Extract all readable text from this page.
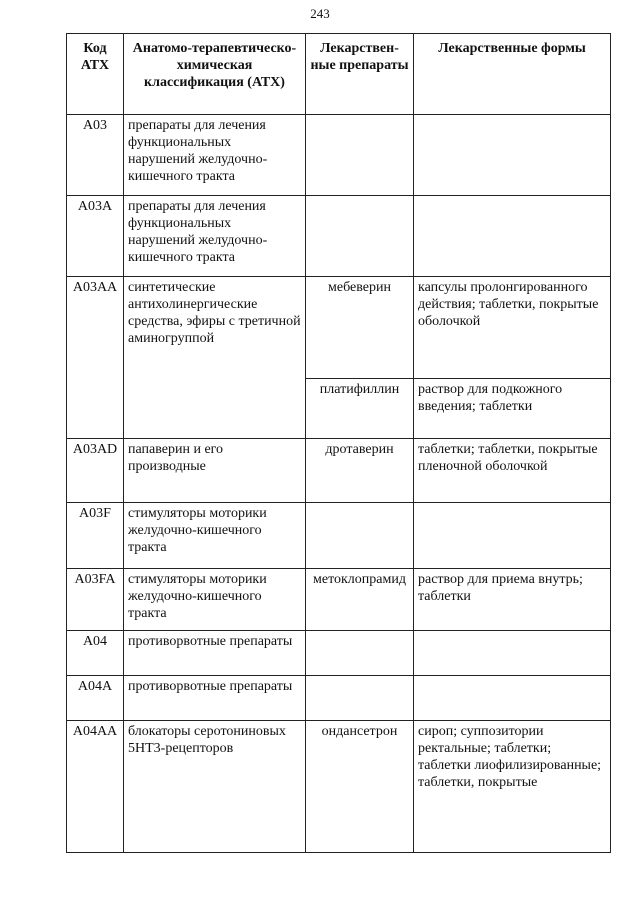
243
Код АТХ	Анатомо-терапевтическо-химическая классификация (АТХ)	Лекарствен-ные препараты	Лекарственные формы
A03	препараты для лечения функциональных нарушений желудочно-кишечного тракта		
A03A	препараты для лечения функциональных нарушений желудочно-кишечного тракта		
A03AA	синтетические антихолинергические средства, эфиры с третичной аминогруппой	мебеверин	капсулы пролонгированного действия; таблетки, покрытые оболочкой
		платифиллин	раствор для подкожного введения; таблетки
A03AD	папаверин и его производные	дротаверин	таблетки; таблетки, покрытые пленочной оболочкой
A03F	стимуляторы моторики желудочно-кишечного тракта		
A03FA	стимуляторы моторики желудочно-кишечного тракта	метоклопрамид	раствор для приема внутрь; таблетки
A04	противорвотные препараты		
A04A	противорвотные препараты		
A04AA	блокаторы серотониновых 5HT3-рецепторов	ондансетрон	сироп; суппозитории ректальные; таблетки; таблетки лиофилизированные; таблетки, покрытые
